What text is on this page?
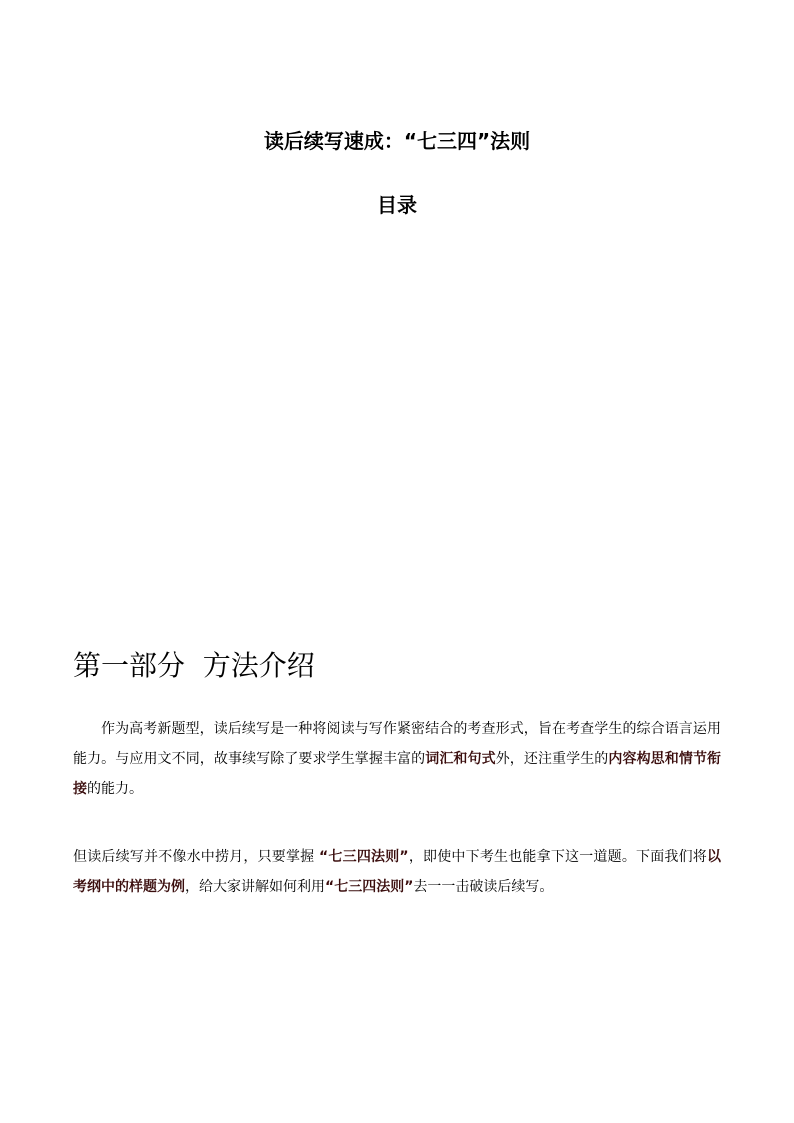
读后续写速成：“七三四”法则
目录
第一部分  方法介绍

作为高考新题型，读后续写是一种将阅读与写作紧密结合的考查形式，旨在考查学生的综合语言运用能力。与应用文不同，故事续写除了要求学生掌握丰富的词汇和句式外，还注重学生的内容构思和情节衔接的能力。

但读后续写并不像水中捞月，只要掌握 “七三四法则”，即使中下考生也能拿下这一道题。下面我们将以考纲中的样题为例，给大家讲解如何利用“七三四法则”去一一击破读后续写。
